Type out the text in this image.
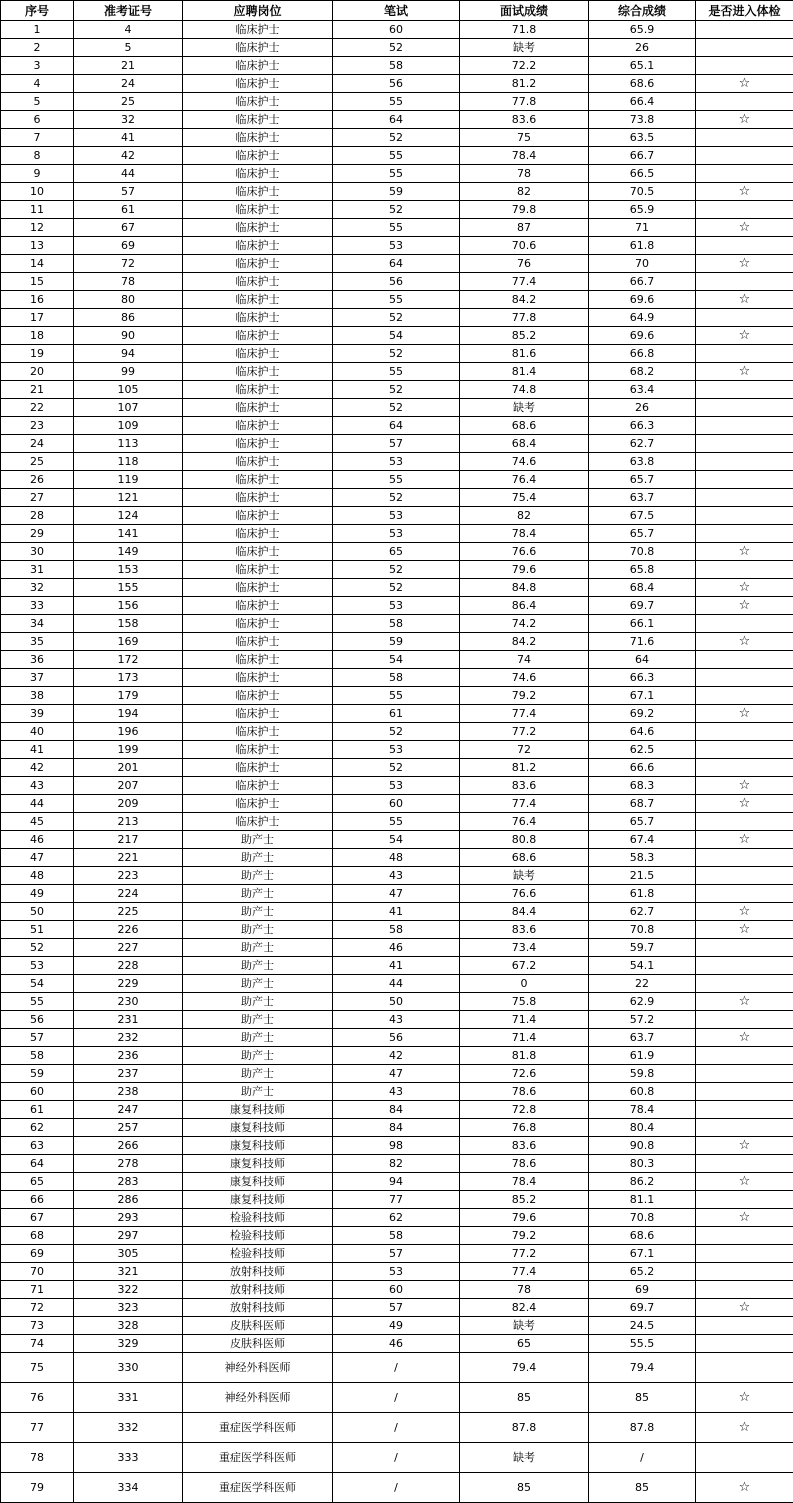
序号	准考证号	应聘岗位	笔试	面试成绩	综合成绩	是否进入体检
1	4	临床护士	60	71.8	65.9	
2	5	临床护士	52	缺考	26	
3	21	临床护士	58	72.2	65.1	
4	24	临床护士	56	81.2	68.6	☆
5	25	临床护士	55	77.8	66.4	
6	32	临床护士	64	83.6	73.8	☆
7	41	临床护士	52	75	63.5	
8	42	临床护士	55	78.4	66.7	
9	44	临床护士	55	78	66.5	
10	57	临床护士	59	82	70.5	☆
11	61	临床护士	52	79.8	65.9	
12	67	临床护士	55	87	71	☆
13	69	临床护士	53	70.6	61.8	
14	72	临床护士	64	76	70	☆
15	78	临床护士	56	77.4	66.7	
16	80	临床护士	55	84.2	69.6	☆
17	86	临床护士	52	77.8	64.9	
18	90	临床护士	54	85.2	69.6	☆
19	94	临床护士	52	81.6	66.8	
20	99	临床护士	55	81.4	68.2	☆
21	105	临床护士	52	74.8	63.4	
22	107	临床护士	52	缺考	26	
23	109	临床护士	64	68.6	66.3	
24	113	临床护士	57	68.4	62.7	
25	118	临床护士	53	74.6	63.8	
26	119	临床护士	55	76.4	65.7	
27	121	临床护士	52	75.4	63.7	
28	124	临床护士	53	82	67.5	
29	141	临床护士	53	78.4	65.7	
30	149	临床护士	65	76.6	70.8	☆
31	153	临床护士	52	79.6	65.8	
32	155	临床护士	52	84.8	68.4	☆
33	156	临床护士	53	86.4	69.7	☆
34	158	临床护士	58	74.2	66.1	
35	169	临床护士	59	84.2	71.6	☆
36	172	临床护士	54	74	64	
37	173	临床护士	58	74.6	66.3	
38	179	临床护士	55	79.2	67.1	
39	194	临床护士	61	77.4	69.2	☆
40	196	临床护士	52	77.2	64.6	
41	199	临床护士	53	72	62.5	
42	201	临床护士	52	81.2	66.6	
43	207	临床护士	53	83.6	68.3	☆
44	209	临床护士	60	77.4	68.7	☆
45	213	临床护士	55	76.4	65.7	
46	217	助产士	54	80.8	67.4	☆
47	221	助产士	48	68.6	58.3	
48	223	助产士	43	缺考	21.5	
49	224	助产士	47	76.6	61.8	
50	225	助产士	41	84.4	62.7	☆
51	226	助产士	58	83.6	70.8	☆
52	227	助产士	46	73.4	59.7	
53	228	助产士	41	67.2	54.1	
54	229	助产士	44	0	22	
55	230	助产士	50	75.8	62.9	☆
56	231	助产士	43	71.4	57.2	
57	232	助产士	56	71.4	63.7	☆
58	236	助产士	42	81.8	61.9	
59	237	助产士	47	72.6	59.8	
60	238	助产士	43	78.6	60.8	
61	247	康复科技师	84	72.8	78.4	
62	257	康复科技师	84	76.8	80.4	
63	266	康复科技师	98	83.6	90.8	☆
64	278	康复科技师	82	78.6	80.3	
65	283	康复科技师	94	78.4	86.2	☆
66	286	康复科技师	77	85.2	81.1	
67	293	检验科技师	62	79.6	70.8	☆
68	297	检验科技师	58	79.2	68.6	
69	305	检验科技师	57	77.2	67.1	
70	321	放射科技师	53	77.4	65.2	
71	322	放射科技师	60	78	69	
72	323	放射科技师	57	82.4	69.7	☆
73	328	皮肤科医师	49	缺考	24.5	
74	329	皮肤科医师	46	65	55.5	
75	330	神经外科医师	/	79.4	79.4	
76	331	神经外科医师	/	85	85	☆
77	332	重症医学科医师	/	87.8	87.8	☆
78	333	重症医学科医师	/	缺考	/	
79	334	重症医学科医师	/	85	85	☆
